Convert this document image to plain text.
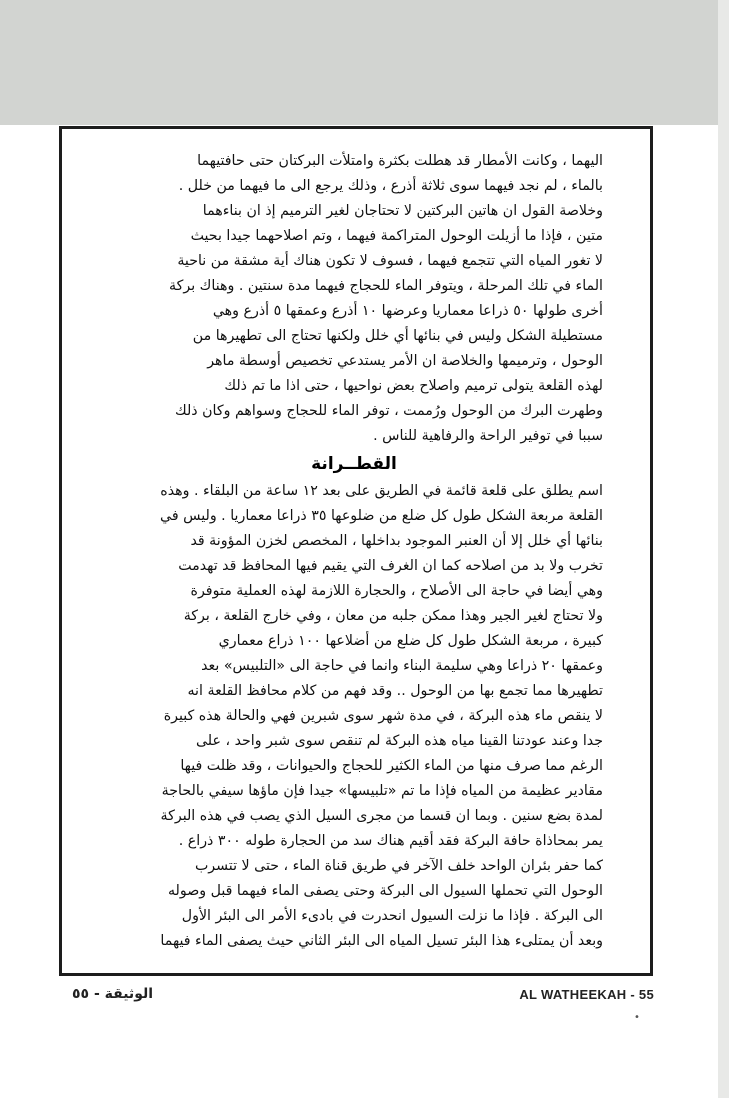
اليهما ، وكانت الأمطار قد هطلت بكثرة وامتلأت البركتان حتى حافتيهما
بالماء ، لم نجد فيهما سوى ثلاثة أذرع ، وذلك يرجع الى ما فيهما من خلل .
وخلاصة القول ان هاتين البركتين لا تحتاجان لغير الترميم إذ ان بناءهما
متين ، فإذا ما أزيلت الوحول المتراكمة فيهما ، وتم اصلاحهما جيدا بحيث
لا تغور المياه التي تتجمع فيهما ، فسوف لا تكون هناك أية مشقة من ناحية
الماء في تلك المرحلة ، ويتوفر الماء للحجاج فيهما مدة سنتين . وهناك بركة
أخرى طولها ٥٠ ذراعا معماريا وعرضها ١٠ أذرع وعمقها ٥ أذرع وهي
مستطيلة الشكل وليس في بنائها أي خلل ولكنها تحتاج الى تطهيرها من
الوحول ، وترميمها والخلاصة ان الأمر يستدعي تخصيص أوسطة ماهر
لهذه القلعة يتولى ترميم واصلاح بعض نواحيها ، حتى اذا ما تم ذلك
وطهرت البرك من الوحول ورُممت ، توفر الماء للحجاج وسواهم وكان ذلك
سببا في توفير الراحة والرفاهية للناس .

القطــرانة

اسم يطلق على قلعة قائمة في الطريق على بعد ١٢ ساعة من البلقاء . وهذه
القلعة مربعة الشكل طول كل ضلع من ضلوعها ٣٥ ذراعا معماريا . وليس في
بنائها أي خلل إلا أن العنبر الموجود بداخلها ، المخصص لخزن المؤونة قد
تخرب ولا بد من اصلاحه كما ان الغرف التي يقيم فيها المحافظ قد تهدمت
وهي أيضا في حاجة الى الأصلاح ، والحجارة اللازمة لهذه العملية متوفرة
ولا تحتاج لغير الجير وهذا ممكن جلبه من معان ، وفي خارج القلعة ، بركة
كبيرة ، مربعة الشكل طول كل ضلع من أضلاعها ١٠٠ ذراع معماري
وعمقها ٢٠ ذراعا وهي سليمة البناء وانما في حاجة الى «التلبيس» بعد
تطهيرها مما تجمع بها من الوحول .. وقد فهم من كلام محافظ القلعة انه
لا ينقص ماء هذه البركة ، في مدة شهر سوى شبرين فهي والحالة هذه كبيرة
جدا وعند عودتنا القينا مياه هذه البركة لم تنقص سوى شبر واحد ، على
الرغم مما صرف منها من الماء الكثير للحجاج والحيوانات ، وقد ظلت فيها
مقادير عظيمة من المياه فإذا ما تم «تلبيسها» جيدا فإن ماؤها سيفي بالحاجة
لمدة بضع سنين . وبما ان قسما من مجرى السيل الذي يصب في هذه البركة
يمر بمحاذاة حافة البركة فقد أقيم هناك سد من الحجارة طوله ٣٠٠ ذراع .
كما حفر بئران الواحد خلف الآخر في طريق قناة الماء ، حتى لا تتسرب
الوحول التي تحملها السيول الى البركة وحتى يصفى الماء فيهما قبل وصوله
الى البركة . فإذا ما نزلت السيول انحدرت في بادىء الأمر الى البئر الأول
وبعد أن يمتلىء هذا البئر تسيل المياه الى البئر الثاني حيث يصفى الماء فيهما

الوثيقة - ٥٥	AL WATHEEKAH - 55
•
